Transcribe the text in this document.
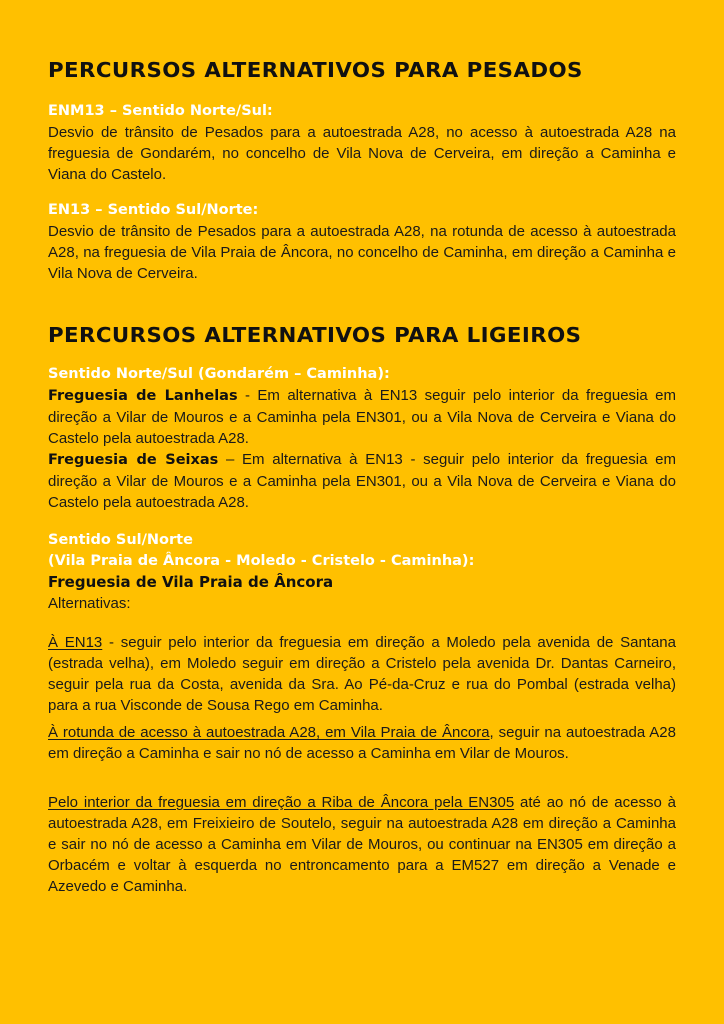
PERCURSOS ALTERNATIVOS PARA PESADOS

ENM13 – Sentido Norte/Sul:

Desvio de trânsito de Pesados para a autoestrada A28, no acesso à autoestrada A28 na freguesia de Gondarém, no concelho de Vila Nova de Cerveira, em direção a Caminha e Viana do Castelo.

EN13 – Sentido Sul/Norte:

Desvio de trânsito de Pesados para a autoestrada A28, na rotunda de acesso à autoestrada A28, na freguesia de Vila Praia de Âncora, no concelho de Caminha, em direção a Caminha e Vila Nova de Cerveira.

PERCURSOS ALTERNATIVOS PARA LIGEIROS

Sentido Norte/Sul (Gondarém – Caminha):

Freguesia de Lanhelas - Em alternativa à EN13 seguir pelo interior da freguesia em direção a Vilar de Mouros e a Caminha pela EN301, ou a Vila Nova de Cerveira e Viana do Castelo pela autoestrada A28.

Freguesia de Seixas – Em alternativa à EN13 - seguir pelo interior da freguesia em direção a Vilar de Mouros e a Caminha pela EN301, ou a Vila Nova de Cerveira e Viana do Castelo pela autoestrada A28.

Sentido Sul/Norte

(Vila Praia de Âncora - Moledo - Cristelo - Caminha):

Freguesia de Vila Praia de Âncora

Alternativas:

À EN13 - seguir pelo interior da freguesia em direção a Moledo pela avenida de Santana (estrada velha), em Moledo seguir em direção a Cristelo pela avenida Dr. Dantas Carneiro, seguir pela rua da Costa, avenida da Sra. Ao Pé-da-Cruz e rua do Pombal (estrada velha) para a rua Visconde de Sousa Rego em Caminha.

À rotunda de acesso à autoestrada A28, em Vila Praia de Âncora, seguir na autoestrada A28 em direção a Caminha e sair no nó de acesso a Caminha em Vilar de Mouros.

Pelo interior da freguesia em direção a Riba de Âncora pela EN305 até ao nó de acesso à autoestrada A28, em Freixieiro de Soutelo, seguir na autoestrada A28 em direção a Caminha e sair no nó de acesso a Caminha em Vilar de Mouros, ou continuar na EN305 em direção a Orbacém e voltar à esquerda no entroncamento para a EM527 em direção a Venade e Azevedo e Caminha.
